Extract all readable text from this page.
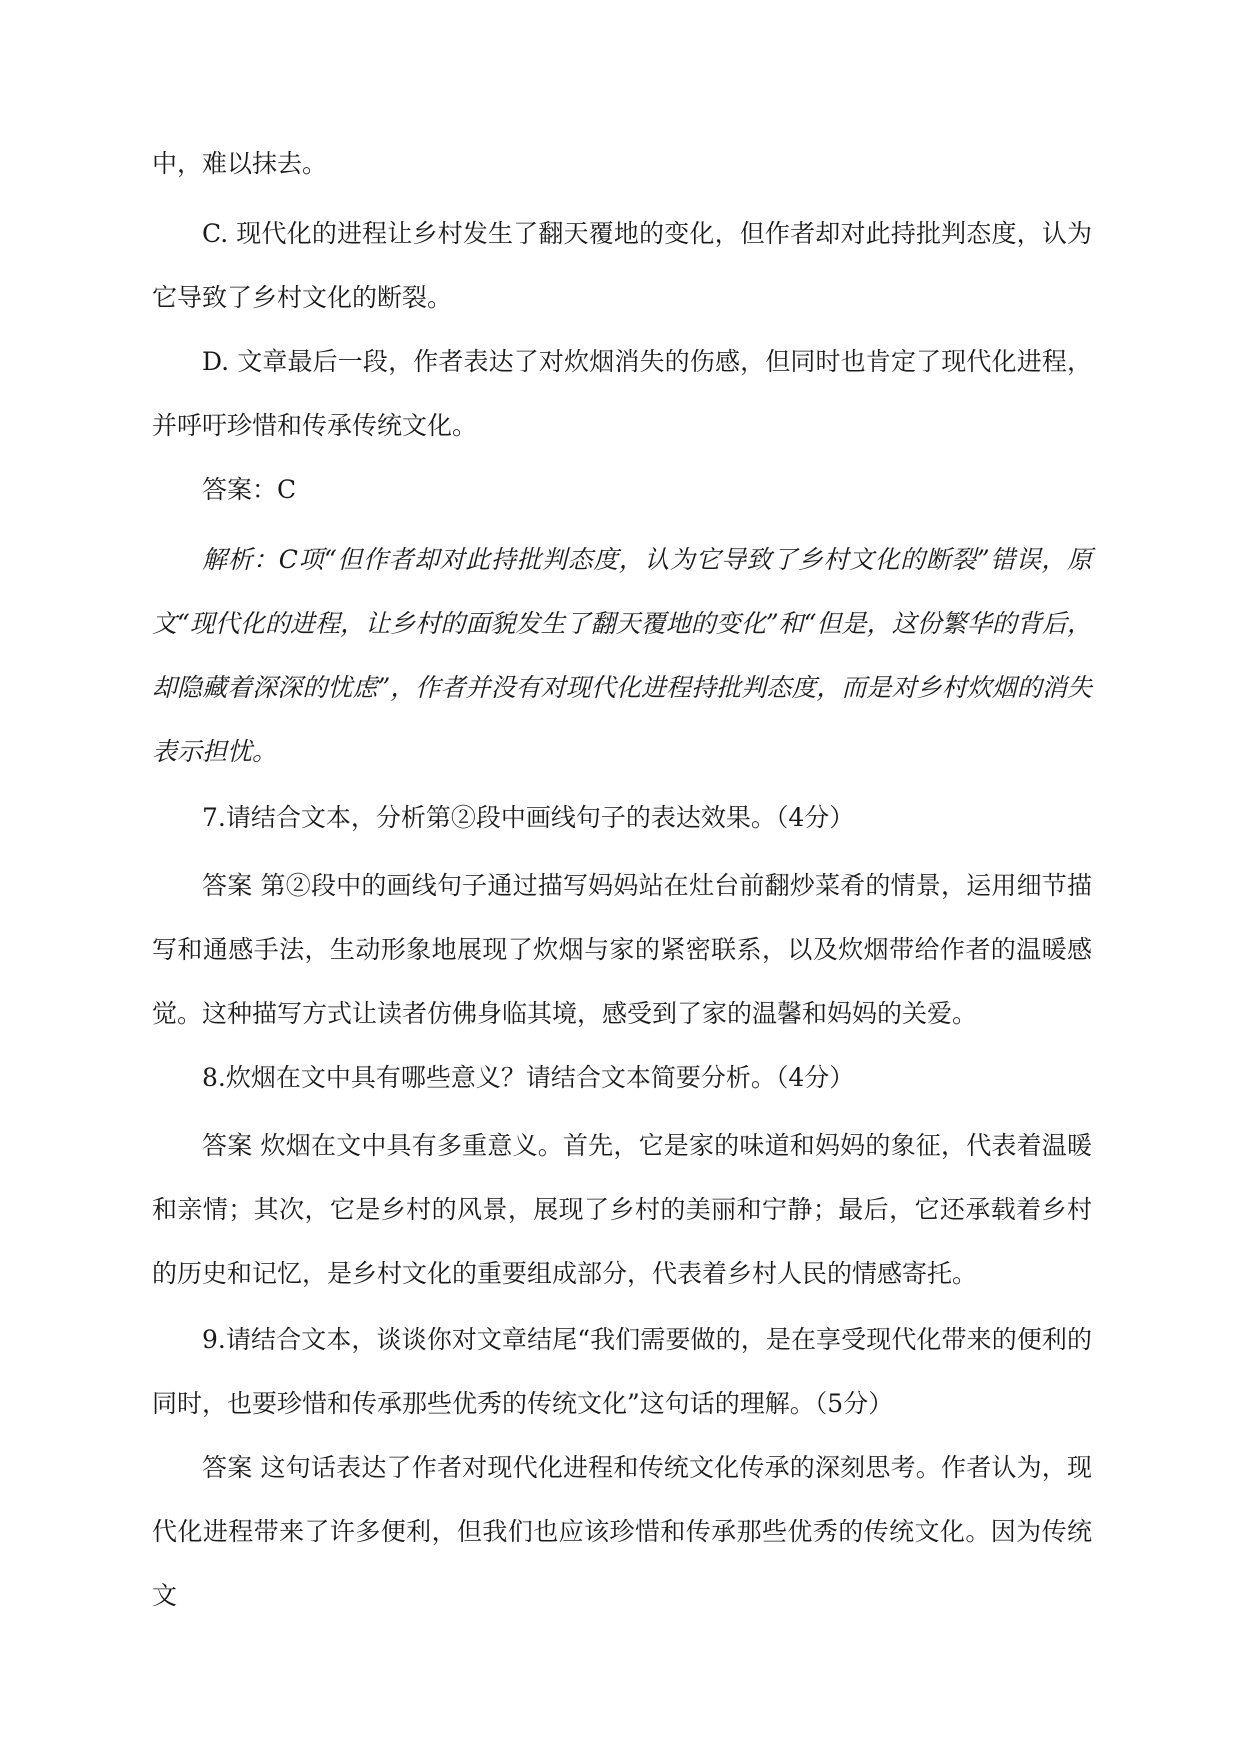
中，难以抹去。

C. 现代化的进程让乡村发生了翻天覆地的变化，但作者却对此持批判态度，认为它导致了乡村文化的断裂。

D. 文章最后一段，作者表达了对炊烟消失的伤感，但同时也肯定了现代化进程，并呼吁珍惜和传承传统文化。

答案：C

解析：C项“但作者却对此持批判态度，认为它导致了乡村文化的断裂”错误，原文“现代化的进程，让乡村的面貌发生了翻天覆地的变化”和“但是，这份繁华的背后，却隐藏着深深的忧虑”，作者并没有对现代化进程持批判态度，而是对乡村炊烟的消失表示担忧。

7.请结合文本，分析第②段中画线句子的表达效果。（4分）

答案 第②段中的画线句子通过描写妈妈站在灶台前翻炒菜肴的情景，运用细节描写和通感手法，生动形象地展现了炊烟与家的紧密联系，以及炊烟带给作者的温暖感觉。这种描写方式让读者仿佛身临其境，感受到了家的温馨和妈妈的关爱。

8.炊烟在文中具有哪些意义？请结合文本简要分析。（4分）

答案 炊烟在文中具有多重意义。首先，它是家的味道和妈妈的象征，代表着温暖和亲情；其次，它是乡村的风景，展现了乡村的美丽和宁静；最后，它还承载着乡村的历史和记忆，是乡村文化的重要组成部分，代表着乡村人民的情感寄托。

9.请结合文本，谈谈你对文章结尾“我们需要做的，是在享受现代化带来的便利的同时，也要珍惜和传承那些优秀的传统文化”这句话的理解。（5分）

答案 这句话表达了作者对现代化进程和传统文化传承的深刻思考。作者认为，现代化进程带来了许多便利，但我们也应该珍惜和传承那些优秀的传统文化。因为传统文
